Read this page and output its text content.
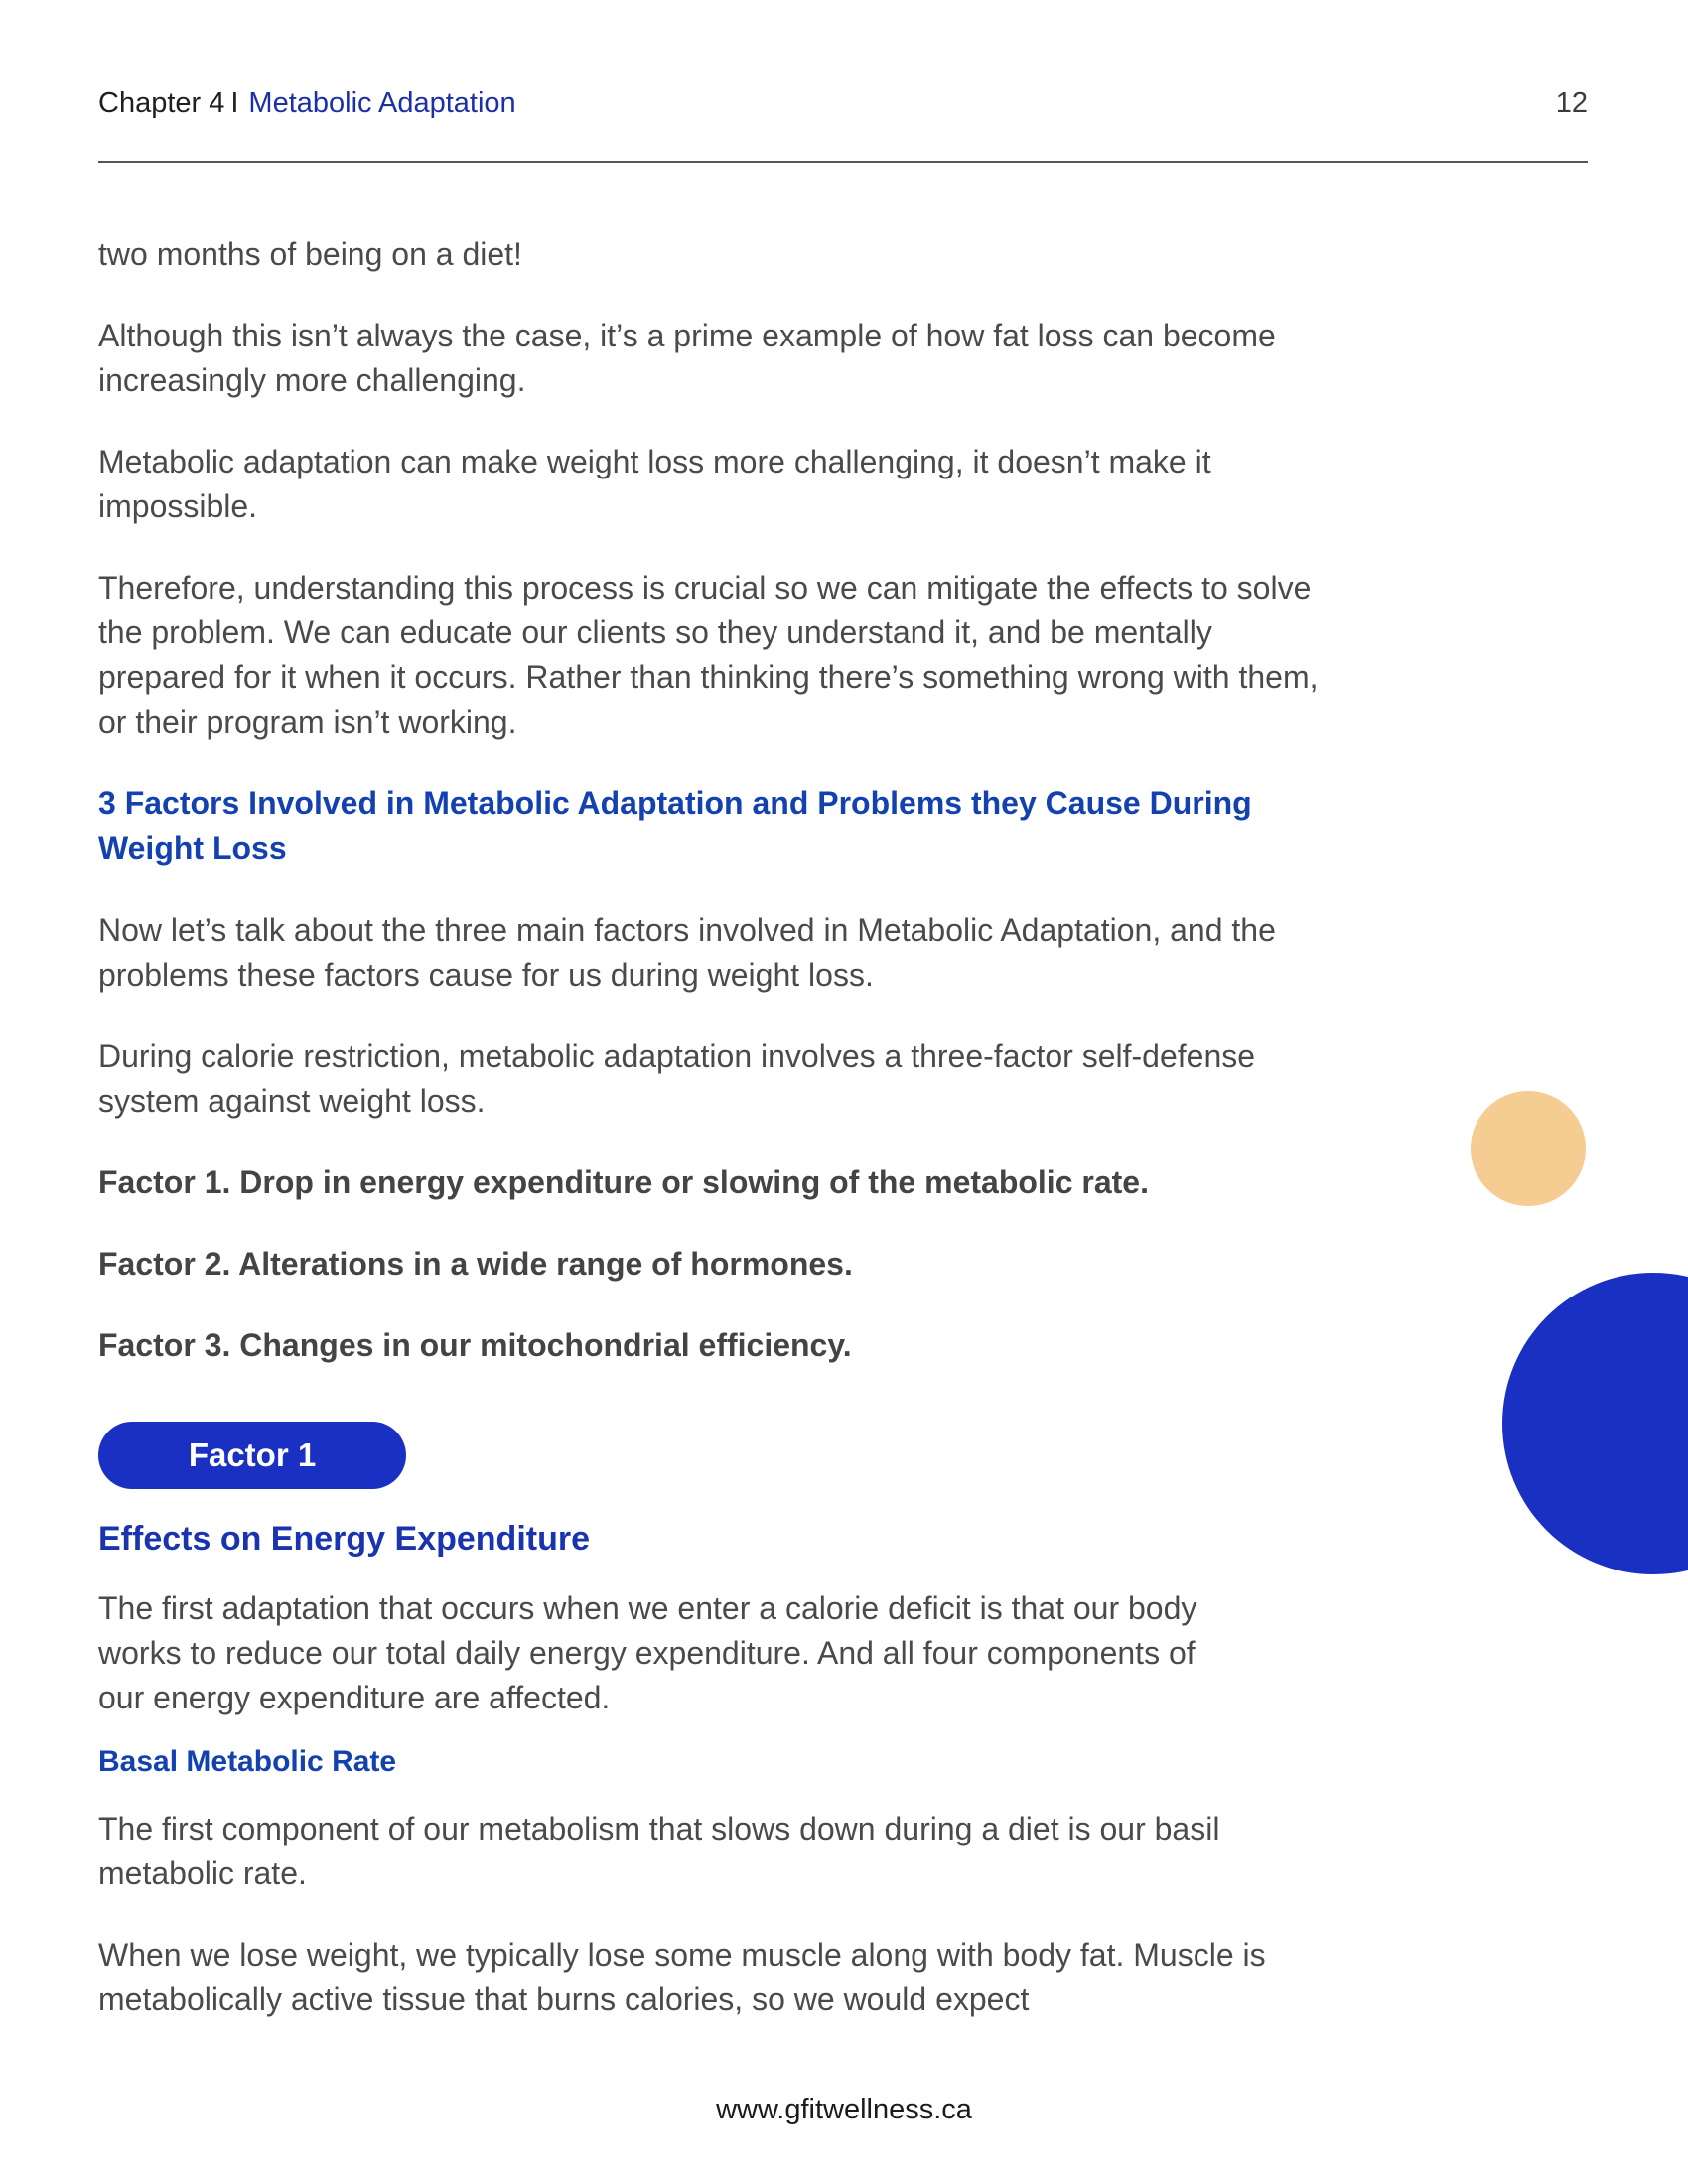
Chapter 4 I Metabolic Adaptation	12

two months of being on a diet!

Although this isn’t always the case, it’s a prime example of how fat loss can become increasingly more challenging.

Metabolic adaptation can make weight loss more challenging, it doesn’t make it impossible.

Therefore, understanding this process is crucial so we can mitigate the effects to solve the problem. We can educate our clients so they understand it, and be mentally prepared for it when it occurs. Rather than thinking there’s something wrong with them, or their program isn’t working.

3 Factors Involved in Metabolic Adaptation and Problems they Cause During Weight Loss

Now let’s talk about the three main factors involved in Metabolic Adaptation, and the problems these factors cause for us during weight loss.

During calorie restriction, metabolic adaptation involves a three-factor self-defense system against weight loss.

Factor 1. Drop in energy expenditure or slowing of the metabolic rate.

Factor 2. Alterations in a wide range of hormones.

Factor 3. Changes in our mitochondrial efficiency.

Factor 1
Effects on Energy Expenditure

The first adaptation that occurs when we enter a calorie deficit is that our body works to reduce our total daily energy expenditure. And all four components of our energy expenditure are affected.

Basal Metabolic Rate

The first component of our metabolism that slows down during a diet is our basil metabolic rate.

When we lose weight, we typically lose some muscle along with body fat. Muscle is metabolically active tissue that burns calories, so we would expect

www.gfitwellness.ca
